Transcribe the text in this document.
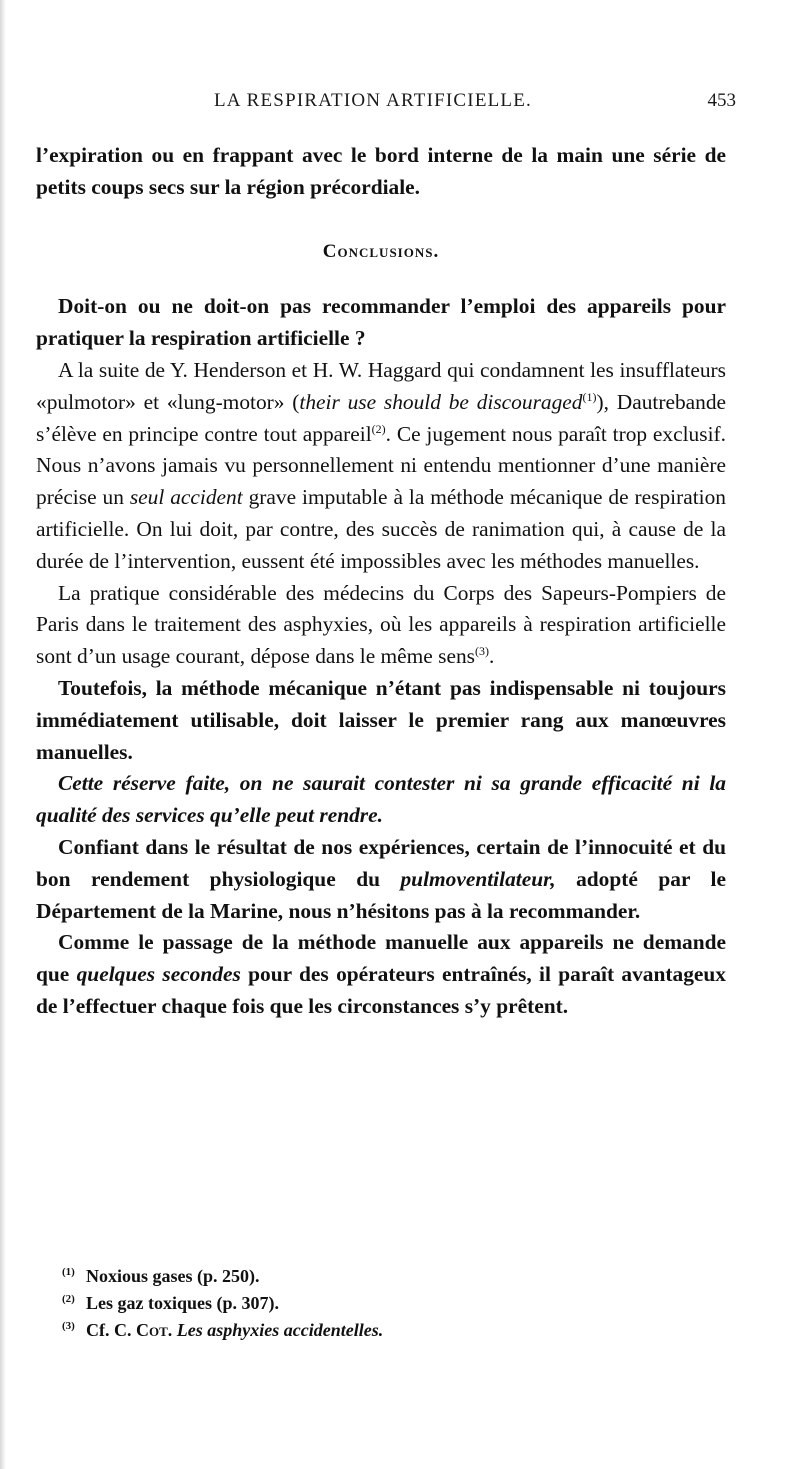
LA RESPIRATION ARTIFICIELLE.	453

l’expiration ou en frappant avec le bord interne de la main une série de petits coups secs sur la région précordiale.

Conclusions.

Doit-on ou ne doit-on pas recommander l’emploi des appareils pour pratiquer la respiration artificielle ?

A la suite de Y. Henderson et H. W. Haggard qui condamnent les insufflateurs «pulmotor» et «lung-motor» (their use should be discouraged$^{(1)}$), Dautrebande s’élève en principe contre tout appareil$^{(2)}$. Ce jugement nous paraît trop exclusif. Nous n’avons jamais vu personnellement ni entendu mentionner d’une manière précise un seul accident grave imputable à la méthode mécanique de respiration artificielle. On lui doit, par contre, des succès de ranimation qui, à cause de la durée de l’intervention, eussent été impossibles avec les méthodes manuelles.

La pratique considérable des médecins du Corps des Sapeurs-Pompiers de Paris dans le traitement des asphyxies, où les appareils à respiration artificielle sont d’un usage courant, dépose dans le même sens$^{(3)}$.

Toutefois, la méthode mécanique n’étant pas indispensable ni toujours immédiatement utilisable, doit laisser le premier rang aux manœuvres manuelles.

Cette réserve faite, on ne saurait contester ni sa grande efficacité ni la qualité des services qu’elle peut rendre.

Confiant dans le résultat de nos expériences, certain de l’innocuité et du bon rendement physiologique du pulmoventilateur, adopté par le Département de la Marine, nous n’hésitons pas à la recommander.

Comme le passage de la méthode manuelle aux appareils ne demande que quelques secondes pour des opérateurs entraînés, il paraît avantageux de l’effectuer chaque fois que les circonstances s’y prêtent.

(1) Noxious gases (p. 250).

(2) Les gaz toxiques (p. 307).

(3) Cf. C. Cot. Les asphyxies accidentelles.
